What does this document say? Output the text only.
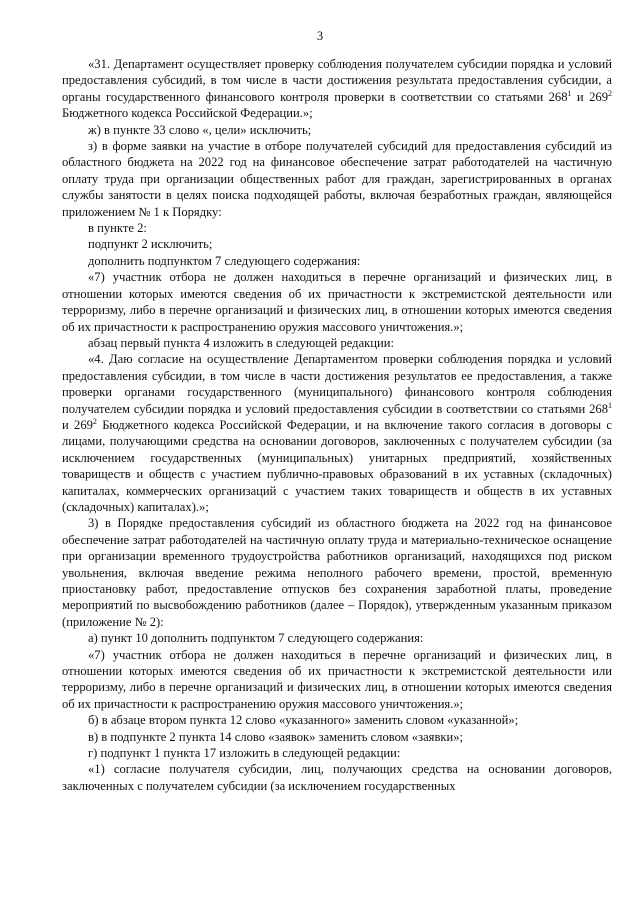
3

«31. Департамент осуществляет проверку соблюдения получателем субсидии порядка и условий предоставления субсидий, в том числе в части достижения результата предоставления субсидии, а органы государственного финансового контроля проверки в соответствии со статьями $268^1$ и $269^2$ Бюджетного кодекса Российской Федерации.»;

ж) в пункте 33 слово «, цели» исключить;

з) в форме заявки на участие в отборе получателей субсидий для предоставления субсидий из областного бюджета на 2022 год на финансовое обеспечение затрат работодателей на частичную оплату труда при организации общественных работ для граждан, зарегистрированных в органах службы занятости в целях поиска подходящей работы, включая безработных граждан, являющейся приложением № 1 к Порядку:

в пункте 2:

подпункт 2 исключить;

дополнить подпунктом 7 следующего содержания:

«7) участник отбора не должен находиться в перечне организаций и физических лиц, в отношении которых имеются сведения об их причастности к экстремистской деятельности или терроризму, либо в перечне организаций и физических лиц, в отношении которых имеются сведения об их причастности к распространению оружия массового уничтожения.»;

абзац первый пункта 4 изложить в следующей редакции:

«4. Даю согласие на осуществление Департаментом проверки соблюдения порядка и условий предоставления субсидии, в том числе в части достижения результатов ее предоставления, а также проверки органами государственного (муниципального) финансового контроля соблюдения получателем субсидии порядка и условий предоставления субсидии в соответствии со статьями $268^1$ и $269^2$ Бюджетного кодекса Российской Федерации, и на включение такого согласия в договоры с лицами, получающими средства на основании договоров, заключенных с получателем субсидии (за исключением государственных (муниципальных) унитарных предприятий, хозяйственных товариществ и обществ с участием публично-правовых образований в их уставных (складочных) капиталах, коммерческих организаций с участием таких товариществ и обществ в их уставных (складочных) капиталах).»;

3) в Порядке предоставления субсидий из областного бюджета на 2022 год на финансовое обеспечение затрат работодателей на частичную оплату труда и материально-техническое оснащение при организации временного трудоустройства работников организаций, находящихся под риском увольнения, включая введение режима неполного рабочего времени, простой, временную приостановку работ, предоставление отпусков без сохранения заработной платы, проведение мероприятий по высвобождению работников (далее – Порядок), утвержденным указанным приказом (приложение № 2):

а) пункт 10 дополнить подпунктом 7 следующего содержания:

«7) участник отбора не должен находиться в перечне организаций и физических лиц, в отношении которых имеются сведения об их причастности к экстремистской деятельности или терроризму, либо в перечне организаций и физических лиц, в отношении которых имеются сведения об их причастности к распространению оружия массового уничтожения.»;

б) в абзаце втором пункта 12 слово «указанного» заменить словом «указанной»;

в) в подпункте 2 пункта 14 слово «заявок» заменить словом «заявки»;

г) подпункт 1 пункта 17 изложить в следующей редакции:

«1) согласие получателя субсидии, лиц, получающих средства на основании договоров, заключенных с получателем субсидии (за исключением государственных
